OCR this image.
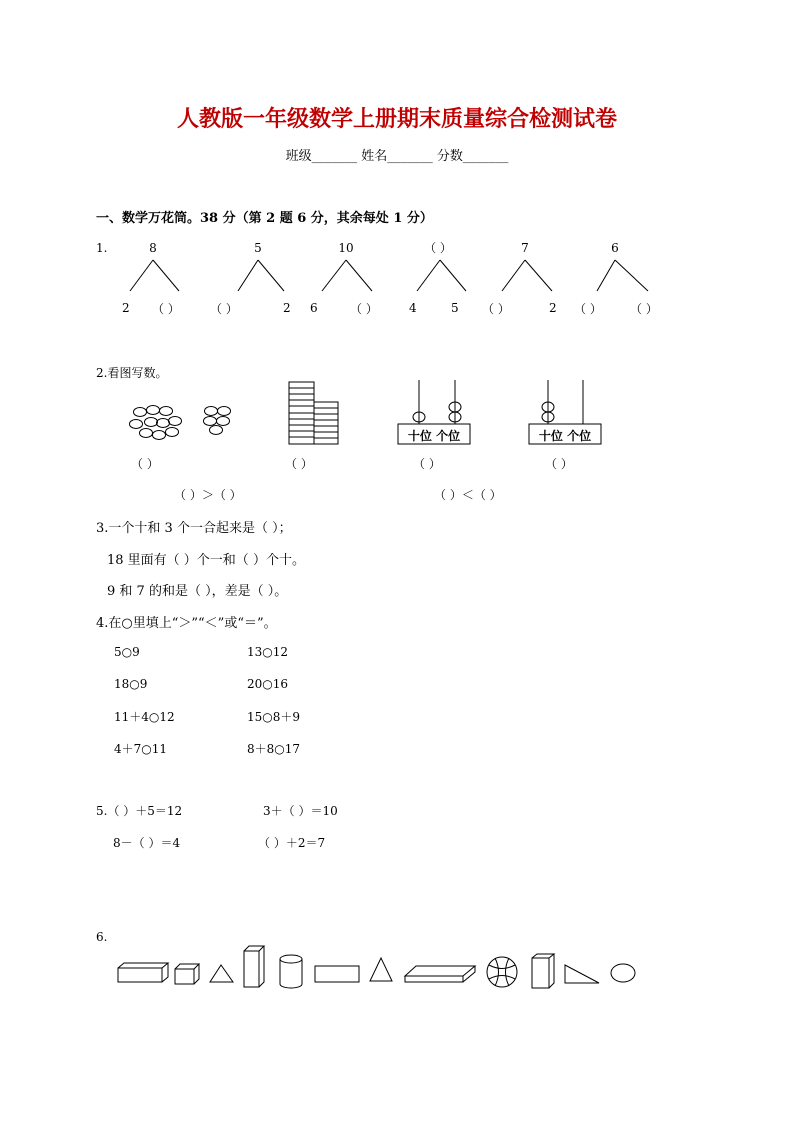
人教版一年级数学上册期末质量综合检测试卷
班级_______ 姓名_______ 分数_______
一、数学万花筒。38 分（第 2 题 6 分，其余每处 1 分）
1.	8	5	10	（ ）	7	6
2 （ ）	（ ）	2 6	（ ）	4	5 （ ）	2 （ ） （ ）
2.看图写数。
（ ）	（ ）	（ ）	（ ）
（ ）＞（ ）	（ ）＜（ ）
十位 个位	十位 个位
3.一个十和 3 个一合起来是（ ）；
18 里面有（ ）个一和（ ）个十。
9 和 7 的和是（ ），差是（ ）。
4.在○里填上“＞”“＜”或“＝”。
5○9	13○12
18○9	20○16
11＋4○12	15○8＋9
4＋7○11	8＋8○17
5.（ ）＋5＝12	3＋（ ）＝10
8－（ ）＝4	（ ）＋2＝7
6.
